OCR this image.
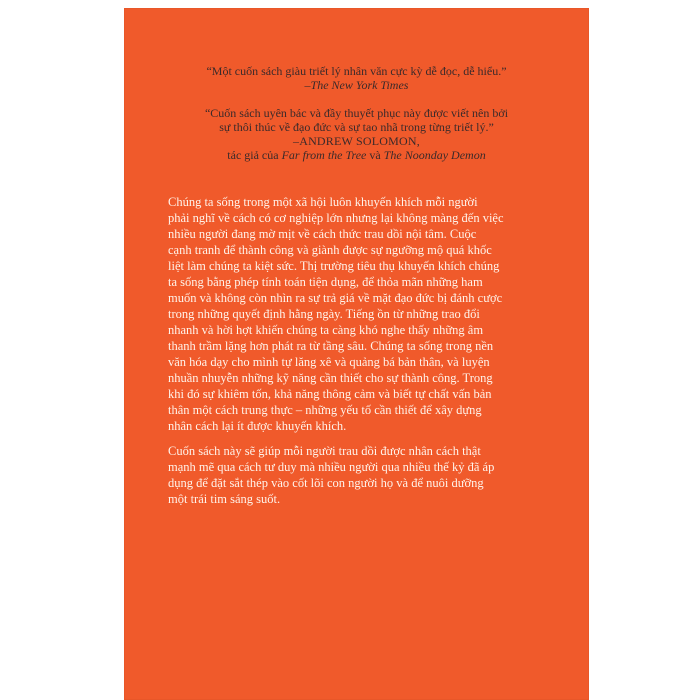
“Một cuốn sách giàu triết lý nhân văn cực kỳ dễ đọc, dễ hiểu.”
–The New York Times
“Cuốn sách uyên bác và đầy thuyết phục này được viết nên bởi
sự thôi thúc về đạo đức và sự tao nhã trong từng triết lý.”
–ANDREW SOLOMON,
tác giả của Far from the Tree và The Noonday Demon

Chúng ta sống trong một xã hội luôn khuyến khích mỗi người
phải nghĩ về cách có cơ nghiệp lớn nhưng lại không màng đến việc
nhiều người đang mờ mịt về cách thức trau dồi nội tâm. Cuộc
cạnh tranh để thành công và giành được sự ngưỡng mộ quá khốc
liệt làm chúng ta kiệt sức. Thị trường tiêu thụ khuyến khích chúng
ta sống bằng phép tính toán tiện dụng, để thỏa mãn những ham
muốn và không còn nhìn ra sự trả giá về mặt đạo đức bị đánh cược
trong những quyết định hằng ngày. Tiếng ồn từ những trao đổi
nhanh và hời hợt khiến chúng ta càng khó nghe thấy những âm
thanh trầm lặng hơn phát ra từ tầng sâu. Chúng ta sống trong nền
văn hóa dạy cho mình tự lăng xê và quảng bá bản thân, và luyện
nhuần nhuyễn những kỹ năng cần thiết cho sự thành công. Trong
khi đó sự khiêm tốn, khả năng thông cảm và biết tự chất vấn bản
thân một cách trung thực – những yếu tố cần thiết để xây dựng
nhân cách lại ít được khuyến khích.

Cuốn sách này sẽ giúp mỗi người trau dồi được nhân cách thật
mạnh mẽ qua cách tư duy mà nhiều người qua nhiều thế kỷ đã áp
dụng để đặt sắt thép vào cốt lõi con người họ và để nuôi dưỡng
một trái tim sáng suốt.
